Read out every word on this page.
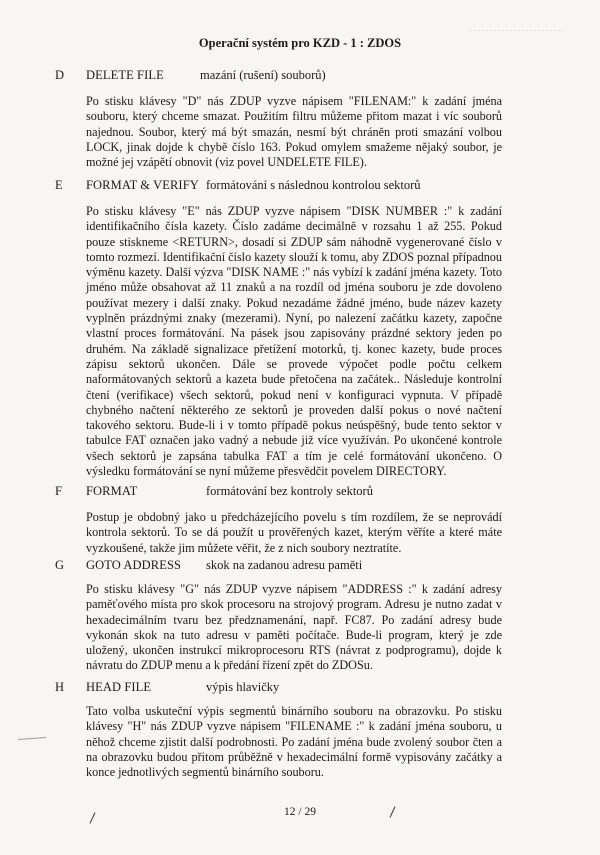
Operační systém pro KZD - 1 : ZDOS
D DELETE FILE	mazání (rušení) souborů)
Po stisku klávesy "D" nás ZDUP vyzve nápisem "FILENAM:" k zadání jména souboru, který chceme smazat. Použitím filtru můžeme přitom mazat i víc souborů najednou. Soubor, který má být smazán, nesmí být chráněn proti smazání volbou LOCK, jinak dojde k chybě číslo 163. Pokud omylem smažeme nějaký soubor, je možné jej vzápětí obnovit (viz povel UNDELETE FILE).
E FORMAT & VERIFY formátování s následnou kontrolou sektorů
Po stisku klávesy "E" nás ZDUP vyzve nápisem "DISK NUMBER :" k zadání identifikačního čísla kazety. Číslo zadáme decimálně v rozsahu 1 až 255. Pokud pouze stiskneme <RETURN>, dosadí si ZDUP sám náhodně vygenerované číslo v tomto rozmezí. Identifikační číslo kazety slouží k tomu, aby ZDOS poznal případnou výměnu kazety. Další výzva "DISK NAME :" nás vybízí k zadání jména kazety. Toto jméno může obsahovat až 11 znaků a na rozdíl od jména souboru je zde dovoleno používat mezery i další znaky. Pokud nezadáme žádné jméno, bude název kazety vyplněn prázdnými znaky (mezerami). Nyní, po nalezení začátku kazety, započne vlastní proces formátování. Na pásek jsou zapisovány prázdné sektory jeden po druhém. Na základě signalizace přetížení motorků, tj. konec kazety, bude proces zápisu sektorů ukončen. Dále se provede výpočet podle počtu celkem naformátovaných sektorů a kazeta bude přetočena na začátek.. Následuje kontrolní čtení (verifikace) všech sektorů, pokud není v konfiguraci vypnuta. V případě chybného načtení některého ze sektorů je proveden další pokus o nové načtení takového sektoru. Bude-li i v tomto případě pokus neúspěšný, bude tento sektor v tabulce FAT označen jako vadný a nebude již více využíván. Po ukončené kontrole všech sektorů je zapsána tabulka FAT a tím je celé formátování ukončeno. O výsledku formátování se nyní můžeme přesvědčit povelem DIRECTORY.
F FORMAT	formátování bez kontroly sektorů
Postup je obdobný jako u předcházejícího povelu s tím rozdílem, že se neprovádí kontrola sektorů. To se dá použít u prověřených kazet, kterým věříte a které máte vyzkoušené, takže jim můžete věřit, že z nich soubory neztratíte.
G GOTO ADDRESS skok na zadanou adresu paměti
Po stisku klávesy "G" nás ZDUP vyzve nápisem "ADDRESS :" k zadání adresy paměťového místa pro skok procesoru na strojový program. Adresu je nutno zadat v hexadecimálním tvaru bez předznamenání, např. FC87. Po zadání adresy bude vykonán skok na tuto adresu v paměti počítače. Bude-li program, který je zde uložený, ukončen instrukcí mikroprocesoru RTS (návrat z podprogramu), dojde k návratu do ZDUP menu a k předání řízení zpět do ZDOSu.
H HEAD FILE	výpis hlavičky
Tato volba uskuteční výpis segmentů binárního souboru na obrazovku. Po stisku klávesy "H" nás ZDUP vyzve nápisem "FILENAME :" k zadání jména souboru, u něhož chceme zjistit další podrobnosti. Po zadání jména bude zvolený soubor čten a na obrazovku budou přitom průběžně v hexadecimální formě vypisovány začátky a konce jednotlivých segmentů binárního souboru.
12 / 29
